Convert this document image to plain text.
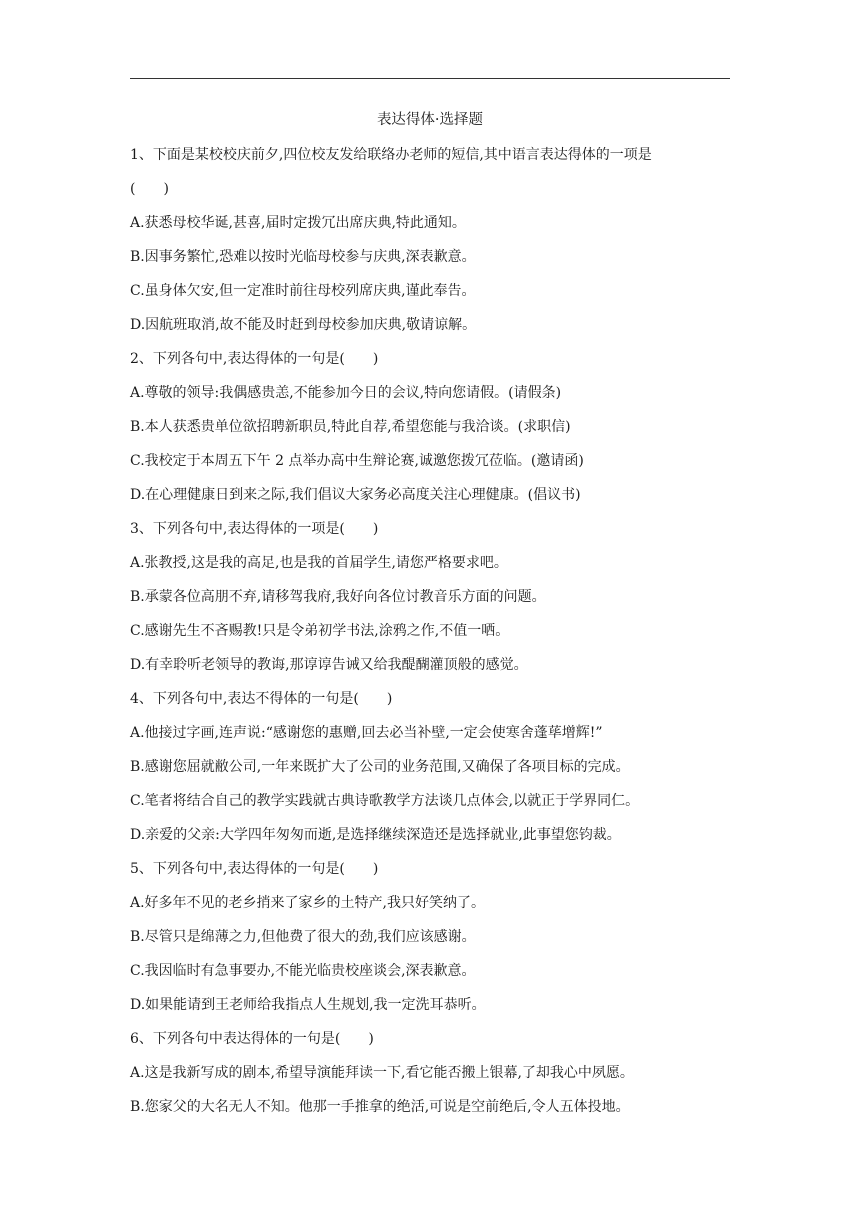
表达得体·选择题
1、下面是某校校庆前夕,四位校友发给联络办老师的短信,其中语言表达得体的一项是
(　　)
A.获悉母校华诞,甚喜,届时定拨冗出席庆典,特此通知。
B.因事务繁忙,恐难以按时光临母校参与庆典,深表歉意。
C.虽身体欠安,但一定准时前往母校列席庆典,谨此奉告。
D.因航班取消,故不能及时赶到母校参加庆典,敬请谅解。
2、下列各句中,表达得体的一句是(　　)
A.尊敬的领导:我偶感贵恙,不能参加今日的会议,特向您请假。(请假条)
B.本人获悉贵单位欲招聘新职员,特此自荐,希望您能与我洽谈。(求职信)
C.我校定于本周五下午 2 点举办高中生辩论赛,诚邀您拨冗莅临。(邀请函)
D.在心理健康日到来之际,我们倡议大家务必高度关注心理健康。(倡议书)
3、下列各句中,表达得体的一项是(　　)
A.张教授,这是我的高足,也是我的首届学生,请您严格要求吧。
B.承蒙各位高朋不弃,请移驾我府,我好向各位讨教音乐方面的问题。
C.感谢先生不吝赐教!只是令弟初学书法,涂鸦之作,不值一哂。
D.有幸聆听老领导的教诲,那谆谆告诫又给我醍醐灌顶般的感觉。
4、下列各句中,表达不得体的一句是(　　)
A.他接过字画,连声说:“感谢您的惠赠,回去必当补壁,一定会使寒舍蓬荜增辉!”
B.感谢您屈就敝公司,一年来既扩大了公司的业务范围,又确保了各项目标的完成。
C.笔者将结合自己的教学实践就古典诗歌教学方法谈几点体会,以就正于学界同仁。
D.亲爱的父亲:大学四年匆匆而逝,是选择继续深造还是选择就业,此事望您钧裁。
5、下列各句中,表达得体的一句是(　　)
A.好多年不见的老乡捎来了家乡的土特产,我只好笑纳了。
B.尽管只是绵薄之力,但他费了很大的劲,我们应该感谢。
C.我因临时有急事要办,不能光临贵校座谈会,深表歉意。
D.如果能请到王老师给我指点人生规划,我一定洗耳恭听。
6、下列各句中表达得体的一句是(　　)
A.这是我新写成的剧本,希望导演能拜读一下,看它能否搬上银幕,了却我心中夙愿。
B.您家父的大名无人不知。他那一手推拿的绝活,可说是空前绝后,令人五体投地。
